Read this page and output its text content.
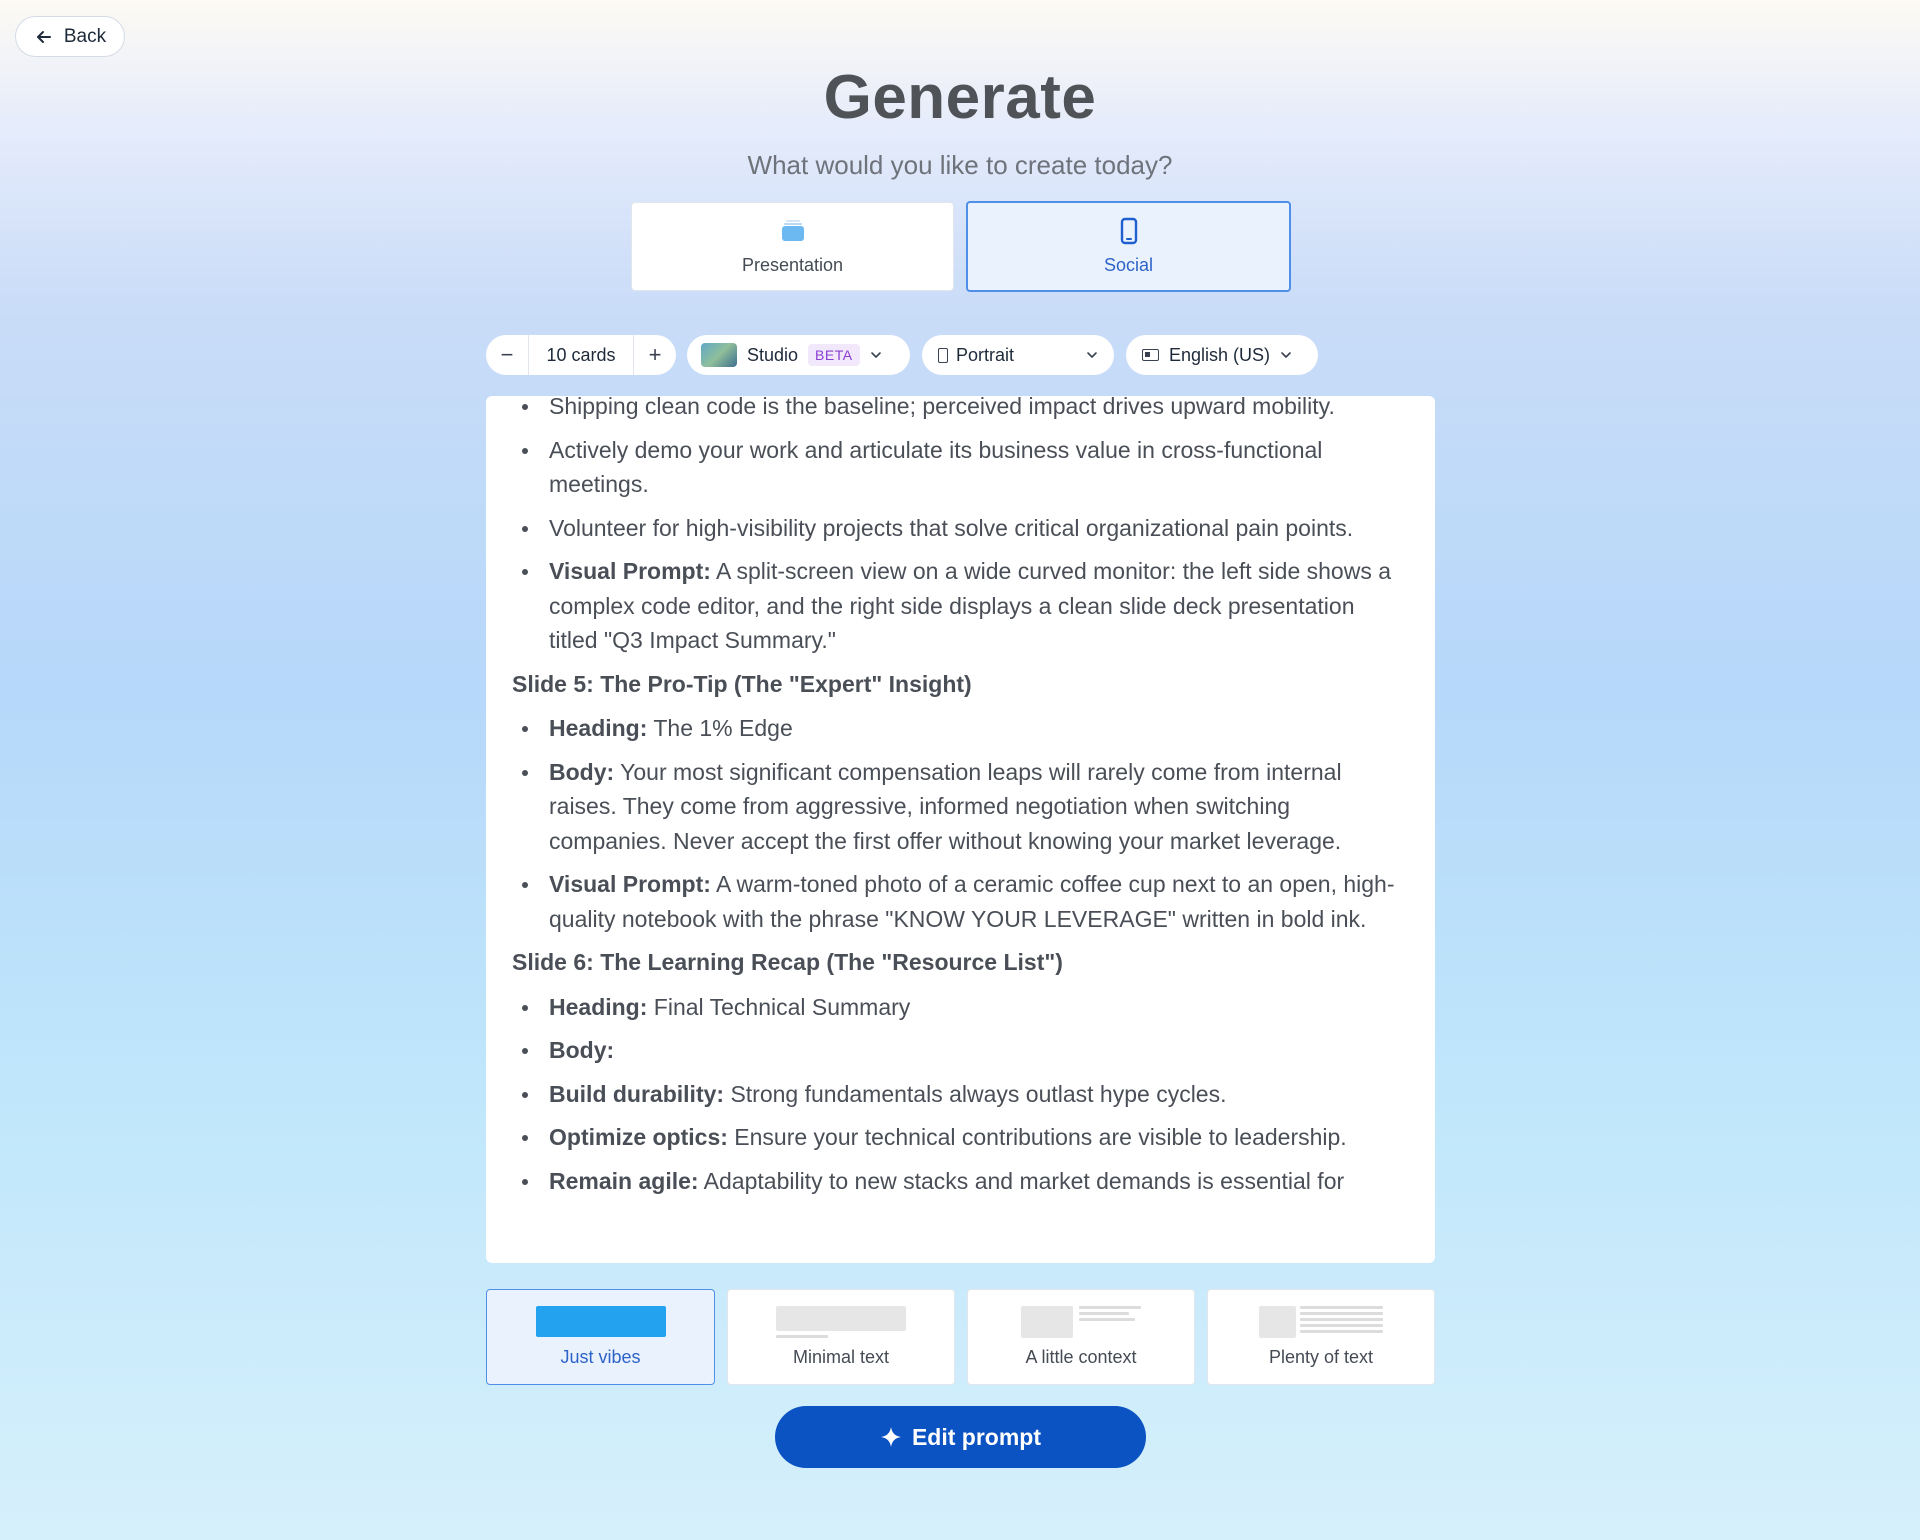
Back
Generate
What would you like to create today?
Presentation	Social
−	10 cards	+	Studio	BETA	Portrait	English (US)
Shipping clean code is the baseline; perceived impact drives upward mobility.
Actively demo your work and articulate its business value in cross-functional meetings.
Volunteer for high-visibility projects that solve critical organizational pain points.
Visual Prompt: A split-screen view on a wide curved monitor: the left side shows a complex code editor, and the right side displays a clean slide deck presentation titled "Q3 Impact Summary."
Slide 5: The Pro-Tip (The "Expert" Insight)
Heading: The 1% Edge
Body: Your most significant compensation leaps will rarely come from internal raises. They come from aggressive, informed negotiation when switching companies. Never accept the first offer without knowing your market leverage.
Visual Prompt: A warm-toned photo of a ceramic coffee cup next to an open, high-quality notebook with the phrase "KNOW YOUR LEVERAGE" written in bold ink.
Slide 6: The Learning Recap (The "Resource List")
Heading: Final Technical Summary
Body:
Build durability: Strong fundamentals always outlast hype cycles.
Optimize optics: Ensure your technical contributions are visible to leadership.
Remain agile: Adaptability to new stacks and market demands is essential for
Just vibes	Minimal text	A little context	Plenty of text
Edit prompt
